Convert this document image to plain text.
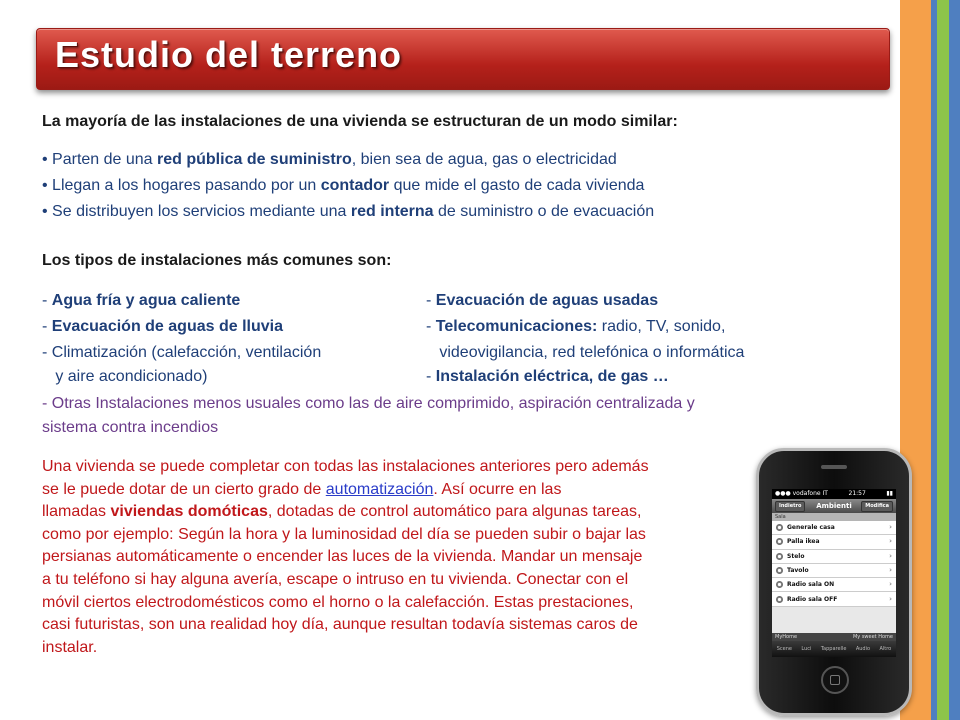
Estudio del terreno
La mayoría de las instalaciones de una vivienda se estructuran de un modo similar:
• Parten de una red pública de suministro, bien sea de agua, gas o electricidad
• Llegan a los hogares pasando por un contador que mide el gasto de cada vivienda
• Se distribuyen los servicios mediante una red interna de suministro o de evacuación
Los tipos de instalaciones más comunes son:
- Agua fría y agua caliente
- Evacuación de aguas de lluvia
- Climatización (calefacción, ventilación
y aire acondicionado)
- Evacuación de aguas usadas
- Telecomunicaciones: radio, TV, sonido,
videovigilancia, red telefónica o informática
- Instalación eléctrica, de gas …
- Otras Instalaciones menos usuales como las de aire comprimido, aspiración centralizada y
sistema contra incendios
Una vivienda se puede completar con todas las instalaciones anteriores pero además
se le puede dotar de un cierto grado de automatización. Así ocurre en las
llamadas viviendas domóticas, dotadas de control automático para algunas tareas,
como por ejemplo: Según la hora y la luminosidad del día se pueden subir o bajar las
persianas automáticamente o encender las luces de la vivienda. Mandar un mensaje
a tu teléfono si hay alguna avería, escape o intruso en tu vivienda. Conectar con el
móvil ciertos electrodomésticos como el horno o la calefacción. Estas prestaciones,
casi futuristas, son una realidad hoy día, aunque resultan todavía sistemas caros de
instalar.
●●● vodafone IT	21:57	▮▮
Indietro	Ambienti	Modifica
Sala
Generale casa	›
Palla ikea	›
Stelo	›
Tavolo	›
Radio sala ON	›
Radio sala OFF	›
MyHome	My sweet Home
Scene Luci Tapparelle Audio Altro
